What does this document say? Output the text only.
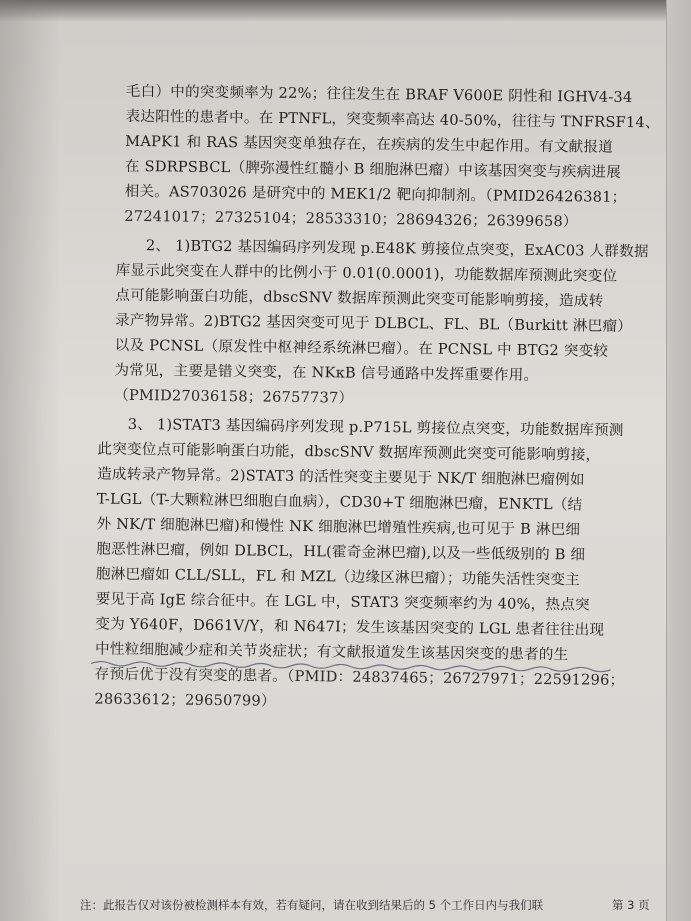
毛白）中的突变频率为 22%；往往发生在 BRAF V600E 阴性和 IGHV4-34
表达阳性的患者中。在 PTNFL，突变频率高达 40-50%，往往与 TNFRSF14、
MAPK1 和 RAS 基因突变单独存在，在疾病的发生中起作用。有文献报道
在 SDRPSBCL（脾弥漫性红髓小 B 细胞淋巴瘤）中该基因突变与疾病进展
相关。AS703026 是研究中的 MEK1/2 靶向抑制剂。（PMID26426381；
27241017；27325104；28533310；28694326；26399658）
2、 1)BTG2 基因编码序列发现 p.E48K 剪接位点突变，ExAC03 人群数据
库显示此突变在人群中的比例小于 0.01(0.0001)，功能数据库预测此突变位
点可能影响蛋白功能，dbscSNV 数据库预测此突变可能影响剪接，造成转
录产物异常。2)BTG2 基因突变可见于 DLBCL、FL、BL（Burkitt 淋巴瘤）
以及 PCNSL（原发性中枢神经系统淋巴瘤）。在 PCNSL 中 BTG2 突变较
为常见，主要是错义突变，在 NKκB 信号通路中发挥重要作用。
（PMID27036158；26757737）
3、 1)STAT3 基因编码序列发现 p.P715L 剪接位点突变，功能数据库预测
此突变位点可能影响蛋白功能，dbscSNV 数据库预测此突变可能影响剪接，
造成转录产物异常。2)STAT3 的活性突变主要见于 NK/T 细胞淋巴瘤例如
T-LGL（T-大颗粒淋巴细胞白血病），CD30+T 细胞淋巴瘤，ENKTL（结
外 NK/T 细胞淋巴瘤)和慢性 NK 细胞淋巴增殖性疾病,也可见于 B 淋巴细
胞恶性淋巴瘤，例如 DLBCL，HL(霍奇金淋巴瘤),以及一些低级别的 B 细
胞淋巴瘤如 CLL/SLL，FL 和 MZL（边缘区淋巴瘤）；功能失活性突变主
要见于高 IgE 综合征中。在 LGL 中，STAT3 突变频率约为 40%，热点突
变为 Y640F，D661V/Y，和 N647I；发生该基因突变的 LGL 患者往往出现
中性粒细胞减少症和关节炎症状；有文献报道发生该基因突变的患者的生
存预后优于没有突变的患者。（PMID：24837465；26727971；22591296；
28633612；29650799）
注：此报告仅对该份被检测样本有效，若有疑问，请在收到结果后的 5 个工作日内与我们联	第 3 页
